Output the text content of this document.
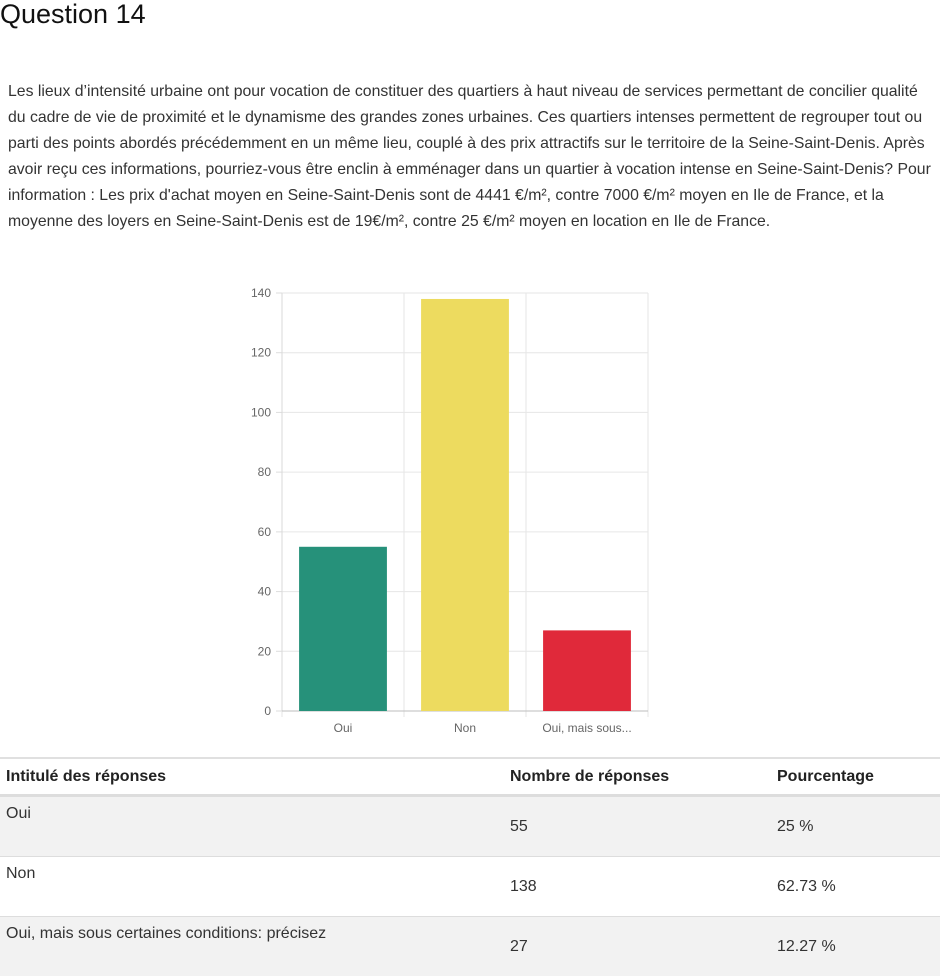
Question 14

Les lieux d’intensité urbaine ont pour vocation de constituer des quartiers à haut niveau de services permettant de concilier qualité du cadre de vie de proximité et le dynamisme des grandes zones urbaines. Ces quartiers intenses permettent de regrouper tout ou parti des points abordés précédemment en un même lieu, couplé à des prix attractifs sur le territoire de la Seine-Saint-Denis. Après avoir reçu ces informations, pourriez-vous être enclin à emménager dans un quartier à vocation intense en Seine-Saint-Denis? Pour information : Les prix d'achat moyen en Seine-Saint-Denis sont de 4441 €/m², contre 7000 €/m² moyen en Ile de France, et la moyenne des loyers en Seine-Saint-Denis est de 19€/m², contre 25 €/m² moyen en location en Ile de France.

0
20
40
60
80
100
120
140
Oui	Non	Oui, mais sous...
Intitulé des réponses	Nombre de réponses	Pourcentage
Oui	55	25 %
Non	138	62.73 %
Oui, mais sous certaines conditions: précisez	27	12.27 %
